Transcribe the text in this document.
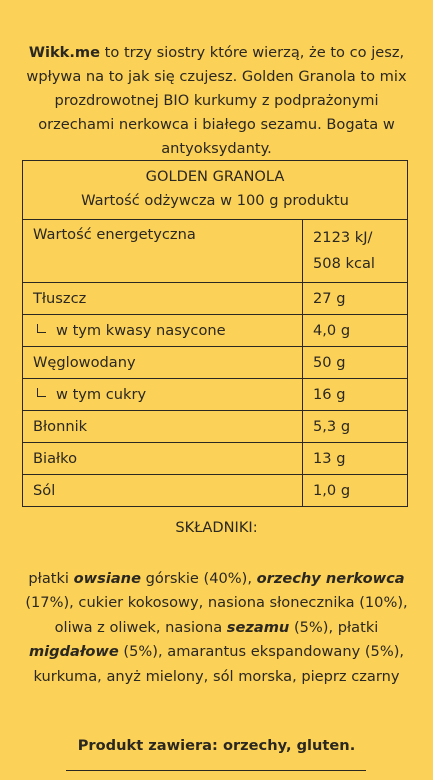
Wikk.me to trzy siostry które wierzą, że to co jesz, wpływa na to jak się czujesz. Golden Granola to mix prozdrowotnej BIO kurkumy z podprażonymi orzechami nerkowca i białego sezamu. Bogata w antyoksydanty.

GOLDEN GRANOLA
Wartość odżywcza w 100 g produktu
Wartość energetyczna	2123 kJ/
508 kcal
Tłuszcz	27 g

w tym kwasy nasycone	4,0 g
Węglowodany	50 g

w tym cukry	16 g
Błonnik	5,3 g
Białko	13 g
Sól	1,0 g
SKŁADNIKI:

płatki owsiane górskie (40%), orzechy nerkowca (17%), cukier kokosowy, nasiona słonecznika (10%), oliwa z oliwek, nasiona sezamu (5%), płatki migdałowe (5%), amarantus ekspandowany (5%), kurkuma, anyż mielony, sól morska, pieprz czarny

Produkt zawiera: orzechy, gluten.
